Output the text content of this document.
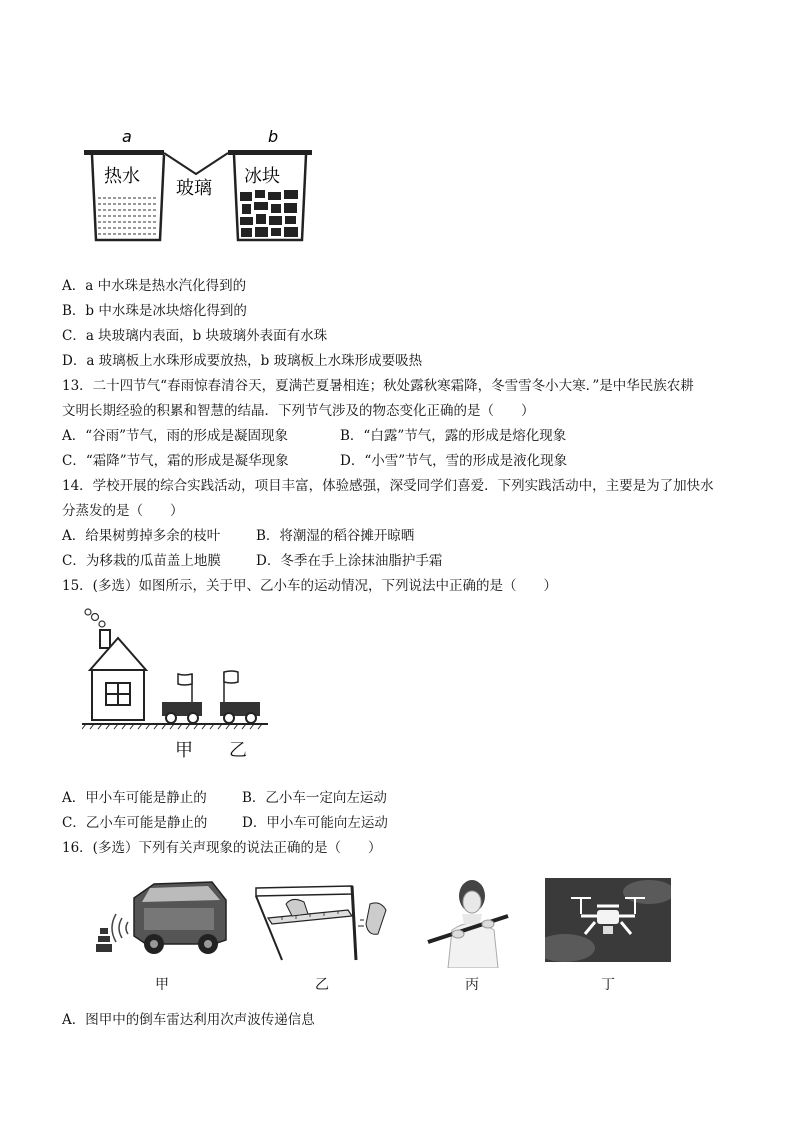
a	b
热水
玻璃
冰块
A．a 中水珠是热水汽化得到的
B．b 中水珠是冰块熔化得到的
C．a 块玻璃内表面，b 块玻璃外表面有水珠
D．a 玻璃板上水珠形成要放热，b 玻璃板上水珠形成要吸热
13．二十四节气“春雨惊春清谷天，夏满芒夏暑相连；秋处露秋寒霜降，冬雪雪冬小大寒．”是中华民族农耕
文明长期经验的积累和智慧的结晶．下列节气涉及的物态变化正确的是（　　）
A．“谷雨”节气，雨的形成是凝固现象	B．“白露”节气，露的形成是熔化现象
C．“霜降”节气，霜的形成是凝华现象	D．“小雪”节气，雪的形成是液化现象
14．学校开展的综合实践活动，项目丰富，体验感强，深受同学们喜爱．下列实践活动中，主要是为了加快水
分蒸发的是（　　）
A．给果树剪掉多余的枝叶	B．将潮湿的稻谷摊开晾晒
C．为移栽的瓜苗盖上地膜	D．冬季在手上涂抹油脂护手霜
15．(多选）如图所示，关于甲、乙小车的运动情况，下列说法中正确的是（　　）
甲	乙
A．甲小车可能是静止的	B．乙小车一定向左运动
C．乙小车可能是静止的	D．甲小车可能向左运动
16．(多选）下列有关声现象的说法正确的是（　　）
甲	乙	丙	丁
A．图甲中的倒车雷达利用次声波传递信息
